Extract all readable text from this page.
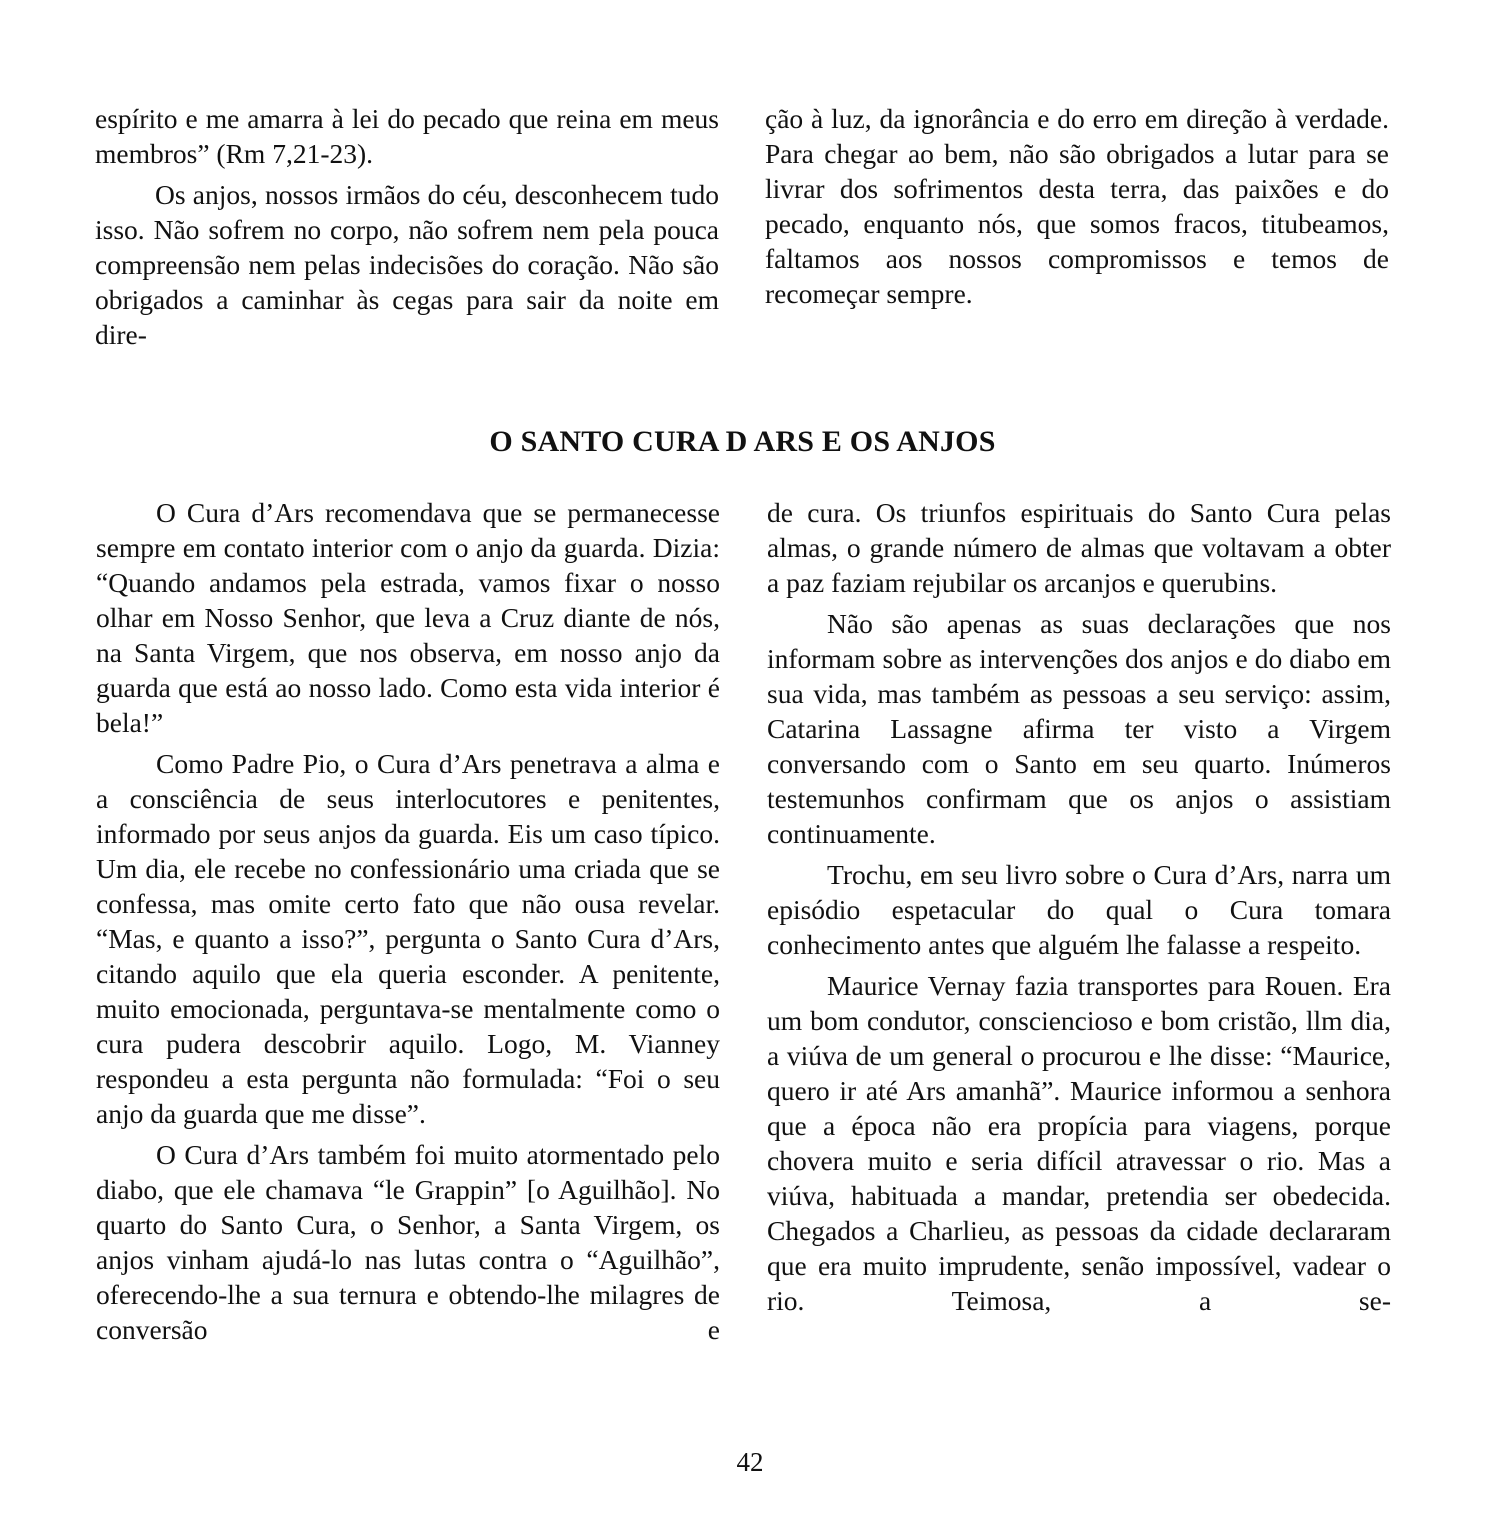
espírito e me amarra à lei do pecado que reina em meus membros” (Rm 7,21-23).

Os anjos, nossos irmãos do céu, desconhecem tudo isso. Não sofrem no corpo, não sofrem nem pela pouca compreensão nem pelas indecisões do coração. Não são obrigados a caminhar às cegas para sair da noite em dire-

ção à luz, da ignorância e do erro em direção à verdade. Para chegar ao bem, não são obrigados a lutar para se livrar dos sofrimentos desta terra, das paixões e do pecado, enquanto nós, que somos fracos, titubeamos, faltamos aos nossos compromissos e temos de recomeçar sempre.

O SANTO CURA D ARS E OS ANJOS

O Cura d’Ars recomendava que se permanecesse sempre em contato interior com o anjo da guarda. Dizia: “Quando andamos pela estrada, vamos fixar o nosso olhar em Nosso Senhor, que leva a Cruz diante de nós, na Santa Virgem, que nos observa, em nosso anjo da guarda que está ao nosso lado. Como esta vida interior é bela!”

Como Padre Pio, o Cura d’Ars penetrava a alma e a consciência de seus interlocutores e penitentes, informado por seus anjos da guarda. Eis um caso típico. Um dia, ele recebe no confessionário uma criada que se confessa, mas omite certo fato que não ousa revelar. “Mas, e quanto a isso?”, pergunta o Santo Cura d’Ars, citando aquilo que ela queria esconder. A penitente, muito emocionada, perguntava-se mentalmente como o cura pudera descobrir aquilo. Logo, M. Vianney respondeu a esta pergunta não formulada: “Foi o seu anjo da guarda que me disse”.

O Cura d’Ars também foi muito atormentado pelo diabo, que ele chamava “le Grappin” [o Aguilhão]. No quarto do Santo Cura, o Senhor, a Santa Virgem, os anjos vinham ajudá-lo nas lutas contra o “Aguilhão”, oferecendo-lhe a sua ternura e obtendo-lhe milagres de conversão e

de cura. Os triunfos espirituais do Santo Cura pelas almas, o grande número de almas que voltavam a obter a paz faziam rejubilar os arcanjos e querubins.

Não são apenas as suas declarações que nos informam sobre as intervenções dos anjos e do diabo em sua vida, mas também as pessoas a seu serviço: assim, Catarina Lassagne afirma ter visto a Virgem conversando com o Santo em seu quarto. Inúmeros testemunhos confirmam que os anjos o assistiam continuamente.

Trochu, em seu livro sobre o Cura d’Ars, narra um episódio espetacular do qual o Cura tomara conhecimento antes que alguém lhe falasse a respeito.

Maurice Vernay fazia transportes para Rouen. Era um bom condutor, consciencioso e bom cristão, llm dia, a viúva de um general o procurou e lhe disse: “Maurice, quero ir até Ars amanhã”. Maurice informou a senhora que a época não era propícia para viagens, porque chovera muito e seria difícil atravessar o rio. Mas a viúva, habituada a mandar, pretendia ser obedecida. Chegados a Charlieu, as pessoas da cidade declararam que era muito imprudente, senão impossível, vadear o rio. Teimosa, a se-

42
